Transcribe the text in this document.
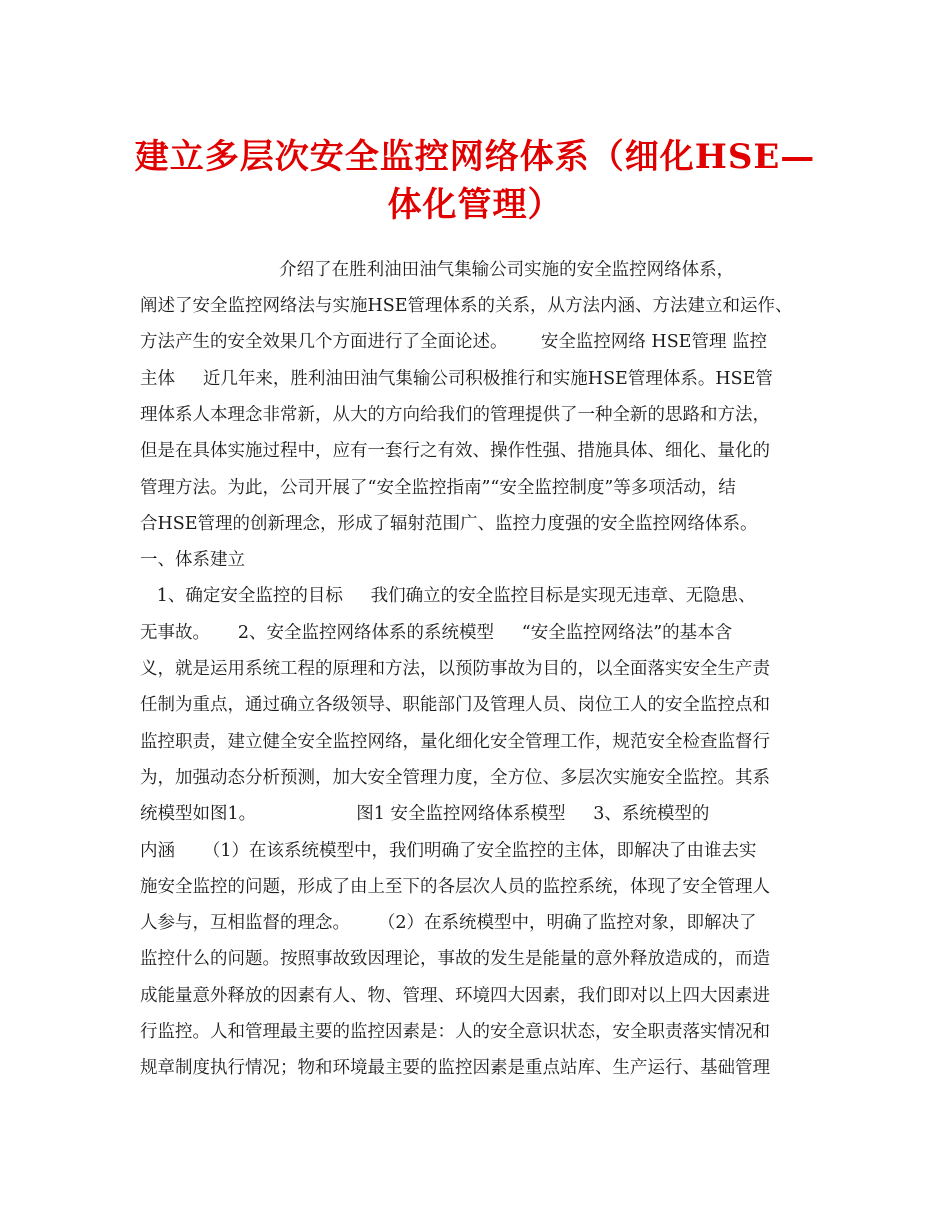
建立多层次安全监控网络体系（细化HSE—
体化管理）
介绍了在胜利油田油气集输公司实施的安全监控网络体系，
阐述了安全监控网络法与实施HSE管理体系的关系，从方法内涵、方法建立和运作、
方法产生的安全效果几个方面进行了全面论述。      安全监控网络 HSE管理 监控
主体     近几年来，胜利油田油气集输公司积极推行和实施HSE管理体系。HSE管
理体系人本理念非常新，从大的方向给我们的管理提供了一种全新的思路和方法，
但是在具体实施过程中，应有一套行之有效、操作性强、措施具体、细化、量化的
管理方法。为此，公司开展了“安全监控指南”“安全监控制度”等多项活动，结
合HSE管理的创新理念，形成了辐射范围广、监控力度强的安全监控网络体系。
一、体系建立
1、确定安全监控的目标     我们确立的安全监控目标是实现无违章、无隐患、
无事故。     2、安全监控网络体系的系统模型     “安全监控网络法”的基本含
义，就是运用系统工程的原理和方法，以预防事故为目的，以全面落实安全生产责
任制为重点，通过确立各级领导、职能部门及管理人员、岗位工人的安全监控点和
监控职责，建立健全安全监控网络，量化细化安全管理工作，规范安全检查监督行
为，加强动态分析预测，加大安全管理力度，全方位、多层次实施安全监控。其系
统模型如图1。                  图1 安全监控网络体系模型     3、系统模型的
内涵     （1）在该系统模型中，我们明确了安全监控的主体，即解决了由谁去实
施安全监控的问题，形成了由上至下的各层次人员的监控系统，体现了安全管理人
人参与，互相监督的理念。     （2）在系统模型中，明确了监控对象，即解决了
监控什么的问题。按照事故致因理论，事故的发生是能量的意外释放造成的，而造
成能量意外释放的因素有人、物、管理、环境四大因素，我们即对以上四大因素进
行监控。人和管理最主要的监控因素是：人的安全意识状态，安全职责落实情况和
规章制度执行情况；物和环境最主要的监控因素是重点站库、生产运行、基础管理
